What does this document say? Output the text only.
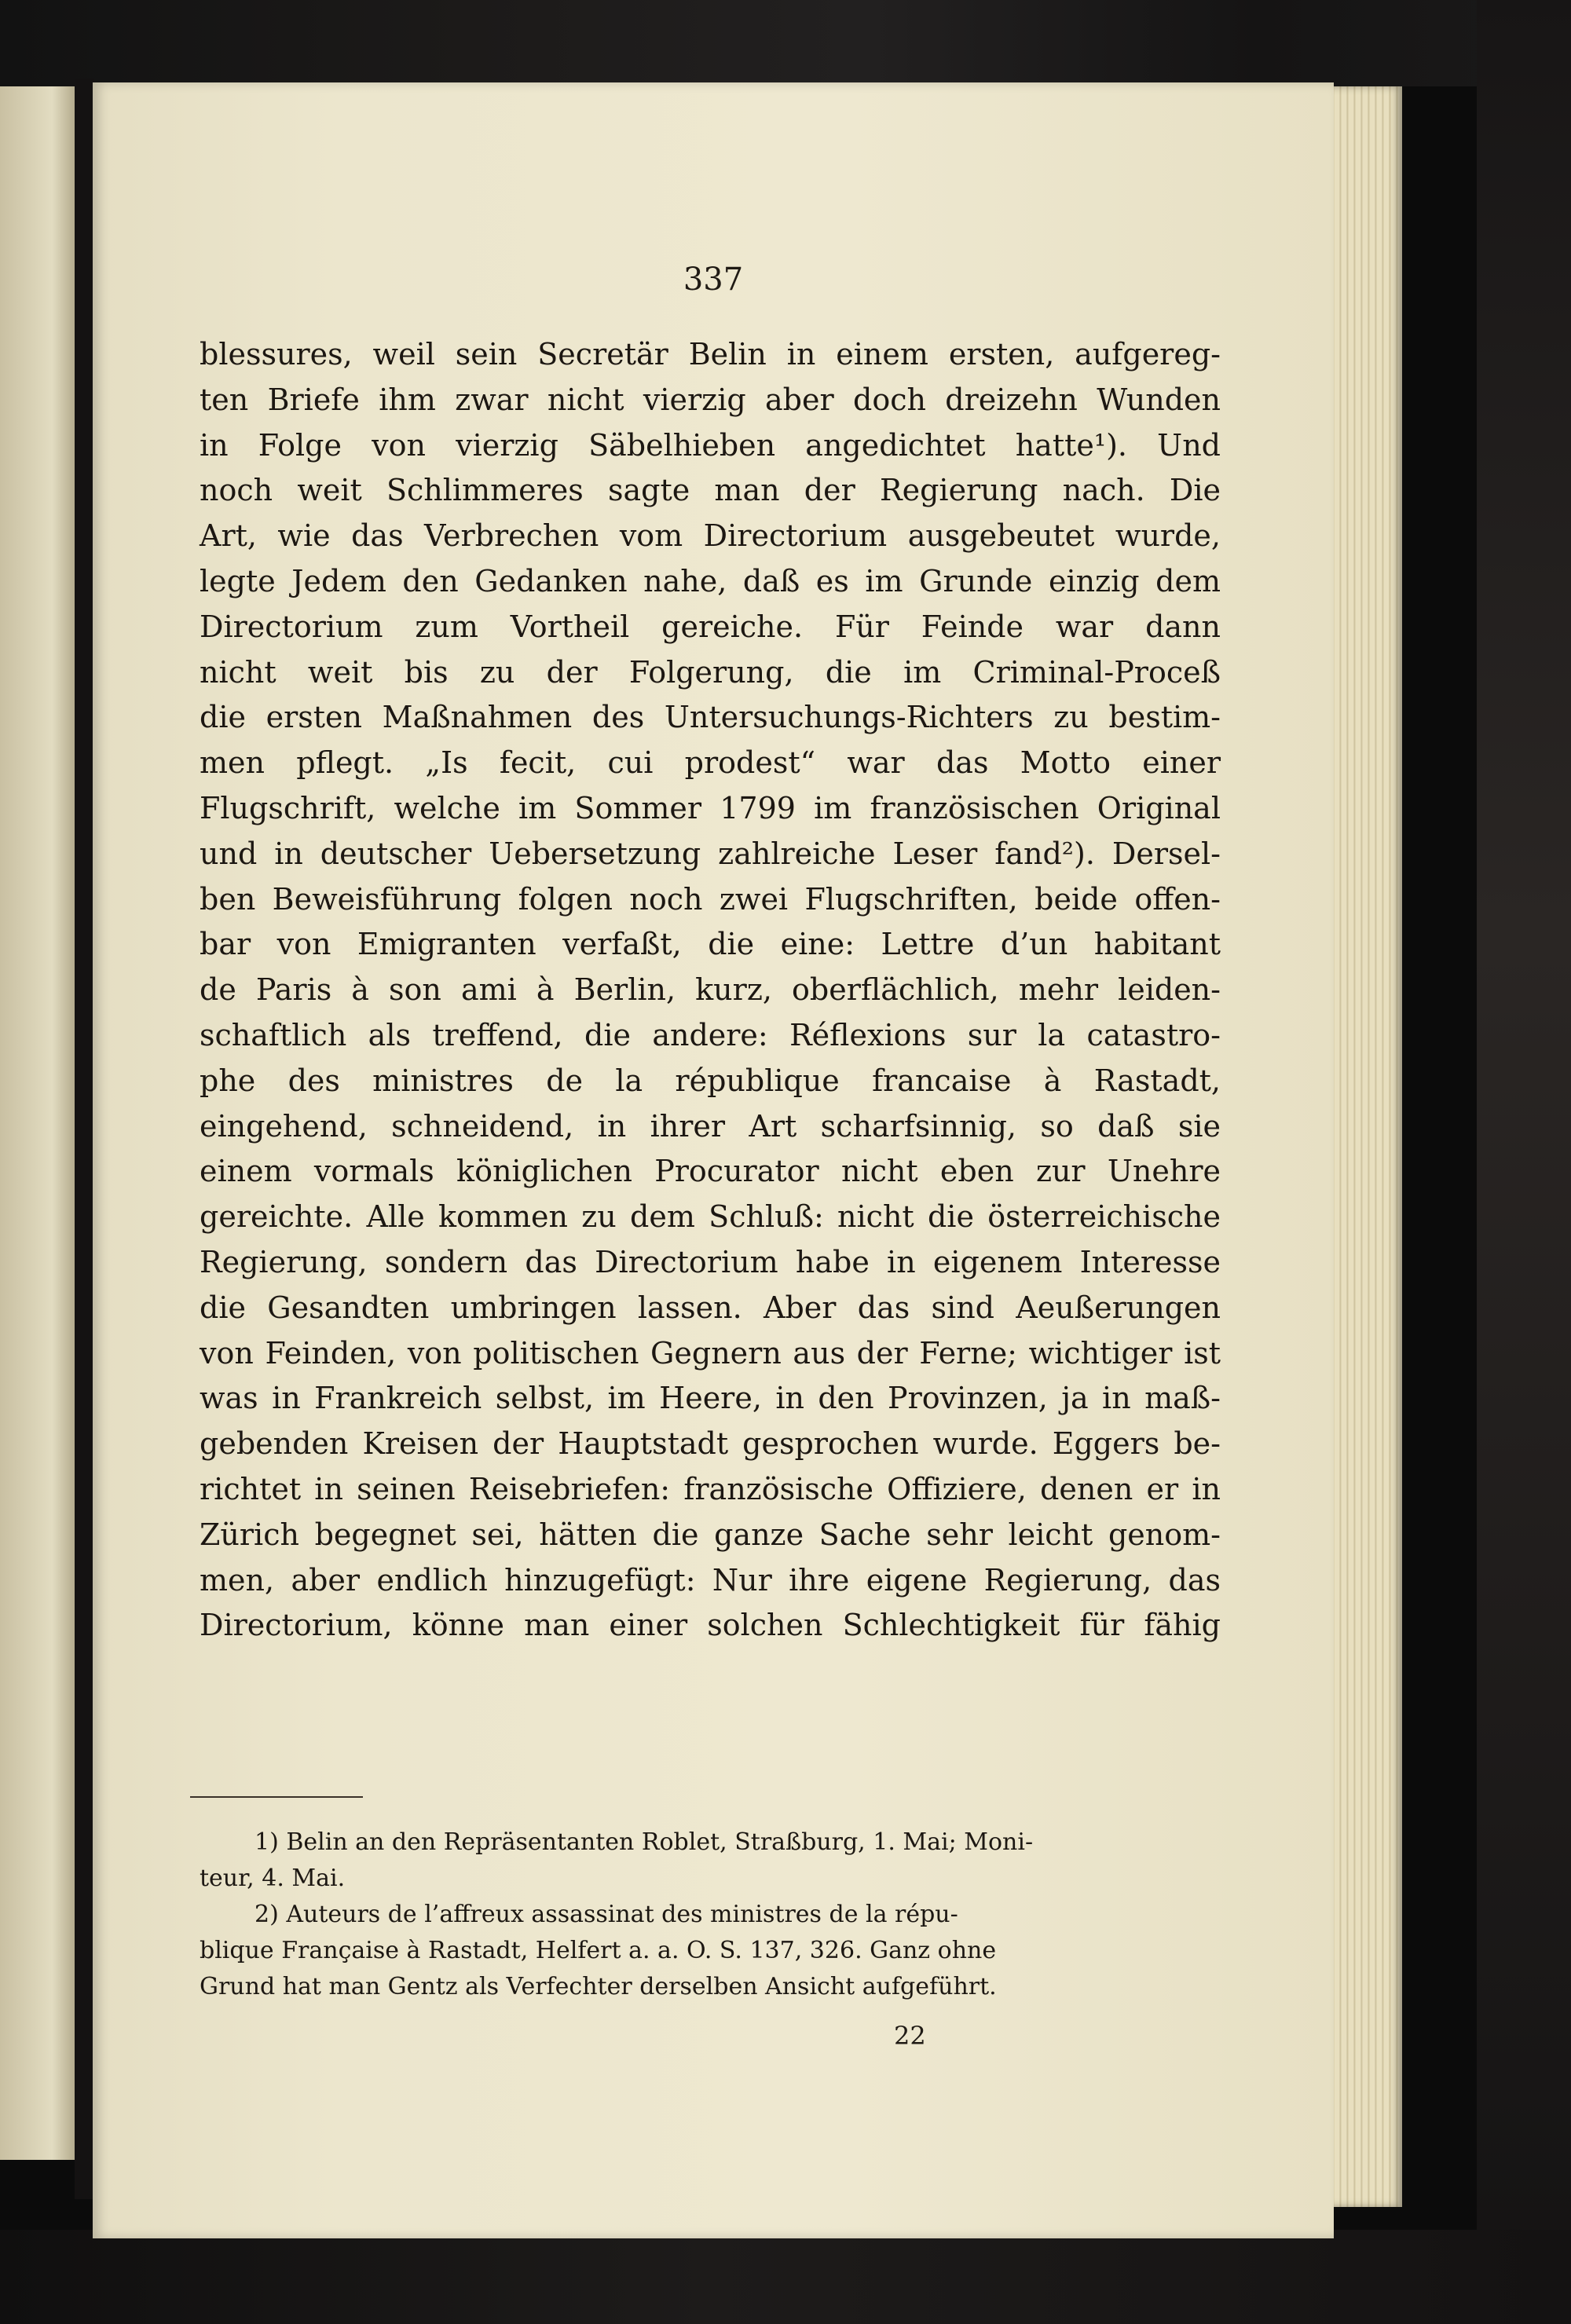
337
blessures, weil sein Secretär Belin in einem ersten, aufgereg-
ten Briefe ihm zwar nicht vierzig aber doch dreizehn Wunden
in Folge von vierzig Säbelhieben angedichtet hatte¹). Und
noch weit Schlimmeres sagte man der Regierung nach. Die
Art, wie das Verbrechen vom Directorium ausgebeutet wurde,
legte Jedem den Gedanken nahe, daß es im Grunde einzig dem
Directorium zum Vortheil gereiche. Für Feinde war dann
nicht weit bis zu der Folgerung, die im Criminal-Proceß
die ersten Maßnahmen des Untersuchungs-Richters zu bestim-
men pflegt. „Is fecit, cui prodest“ war das Motto einer
Flugschrift, welche im Sommer 1799 im französischen Original
und in deutscher Uebersetzung zahlreiche Leser fand²). Dersel-
ben Beweisführung folgen noch zwei Flugschriften, beide offen-
bar von Emigranten verfaßt, die eine: Lettre d’un habitant
de Paris à son ami à Berlin, kurz, oberflächlich, mehr leiden-
schaftlich als treffend, die andere: Réflexions sur la catastro-
phe des ministres de la république francaise à Rastadt,
eingehend, schneidend, in ihrer Art scharfsinnig, so daß sie
einem vormals königlichen Procurator nicht eben zur Unehre
gereichte. Alle kommen zu dem Schluß: nicht die österreichische
Regierung, sondern das Directorium habe in eigenem Interesse
die Gesandten umbringen lassen. Aber das sind Aeußerungen
von Feinden, von politischen Gegnern aus der Ferne; wichtiger ist
was in Frankreich selbst, im Heere, in den Provinzen, ja in maß-
gebenden Kreisen der Hauptstadt gesprochen wurde. Eggers be-
richtet in seinen Reisebriefen: französische Offiziere, denen er in
Zürich begegnet sei, hätten die ganze Sache sehr leicht genom-
men, aber endlich hinzugefügt: Nur ihre eigene Regierung, das
Directorium, könne man einer solchen Schlechtigkeit für fähig
1) Belin an den Repräsentanten Roblet, Straßburg, 1. Mai; Moni-
teur, 4. Mai.
2) Auteurs de l’affreux assassinat des ministres de la répu-
blique Française à Rastadt, Helfert a. a. O. S. 137, 326. Ganz ohne
Grund hat man Gentz als Verfechter derselben Ansicht aufgeführt.
22
